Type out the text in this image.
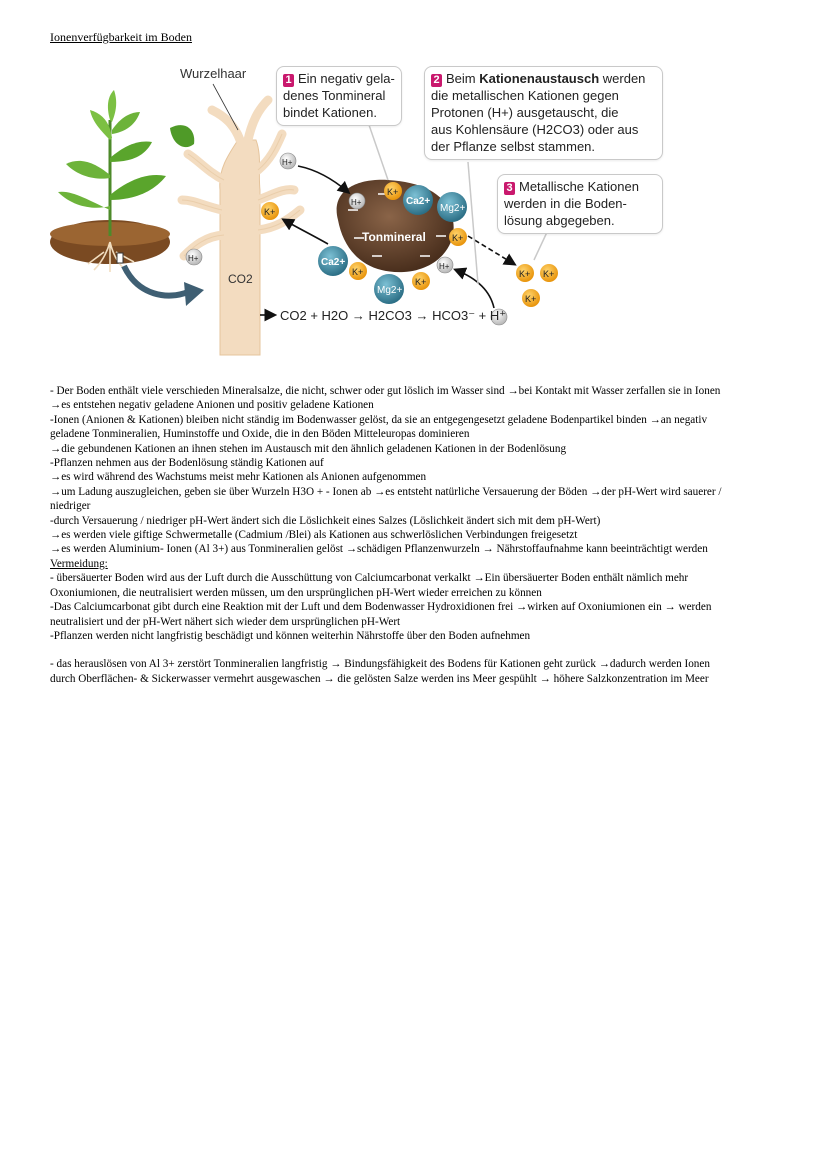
Ionenverfügbarkeit im Boden
Tonmineral
K+
Ca2+
Mg2+
H+
K+
H+
K+
Mg2+
K+
Ca2+
H+
K+
H+
K+ K+
K+
Wurzelhaar
CO2
1 Ein negativ gela-
denes Tonmineral
bindet Kationen.
2 Beim Kationenaustausch werden
die metallischen Kationen gegen
Protonen (H+) ausgetauscht, die
aus Kohlensäure (H2CO3) oder aus
der Pflanze selbst stammen.
3 Metallische Kationen
werden in die Boden-
lösung abgegeben.
CO2 + H2O → H2CO3 → HCO3⁻ + H⁺

- Der Boden enthält viele verschieden Mineralsalze, die nicht, schwer oder gut löslich im Wasser sind →bei Kontakt mit Wasser zerfallen sie in Ionen →es entstehen negativ geladene Anionen und positiv geladene Kationen

-Ionen (Anionen & Kationen) bleiben nicht ständig im Bodenwasser gelöst, da sie an entgegengesetzt geladene Bodenpartikel binden →an negativ geladene Tonmineralien, Huminstoffe und Oxide, die in den Böden Mitteleuropas dominieren

→die gebundenen Kationen an ihnen stehen im Austausch mit den ähnlich geladenen Kationen in der Bodenlösung

-Pflanzen nehmen aus der Bodenlösung ständig Kationen auf

→es wird während des Wachstums meist mehr Kationen als Anionen aufgenommen

→um Ladung auszugleichen, geben sie über Wurzeln H3O + - Ionen ab →es entsteht natürliche Versauerung der Böden →der pH-Wert wird sauerer / niedriger

-durch Versauerung / niedriger pH-Wert ändert sich die Löslichkeit eines Salzes (Löslichkeit ändert sich mit dem pH-Wert)

→es werden viele giftige Schwermetalle (Cadmium /Blei) als Kationen aus schwerlöslichen Verbindungen freigesetzt

→es werden Aluminium- Ionen (Al 3+) aus Tonmineralien gelöst →schädigen Pflanzenwurzeln → Nährstoffaufnahme kann beeinträchtigt werden

Vermeidung:

- übersäuerter Boden wird aus der Luft durch die Ausschüttung von Calciumcarbonat verkalkt →Ein übersäuerter Boden enthält nämlich mehr Oxoniumionen, die neutralisiert werden müssen, um den ursprünglichen pH-Wert wieder erreichen zu können

-Das Calciumcarbonat gibt durch eine Reaktion mit der Luft und dem Bodenwasser Hydroxidionen frei →wirken auf Oxoniumionen ein → werden neutralisiert und der pH-Wert nähert sich wieder dem ursprünglichen pH-Wert

-Pflanzen werden nicht langfristig beschädigt und können weiterhin Nährstoffe über den Boden aufnehmen

- das herauslösen von Al 3+ zerstört Tonmineralien langfristig → Bindungsfähigkeit des Bodens für Kationen geht zurück →dadurch werden Ionen durch Oberflächen- & Sickerwasser vermehrt ausgewaschen → die gelösten Salze werden ins Meer gespühlt → höhere Salzkonzentration im Meer
